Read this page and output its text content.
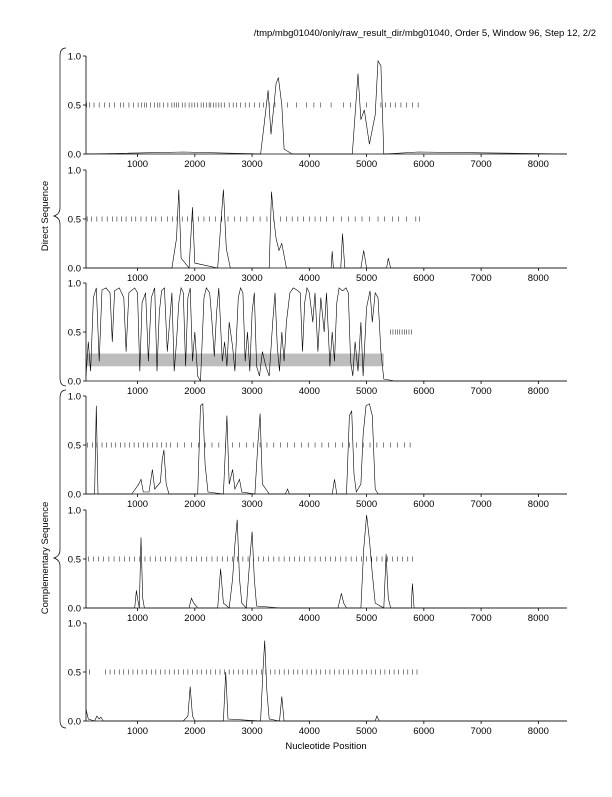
/tmp/mbg01040/only/raw_result_dir/mbg01040, Order 5, Window 96, Step 12, 2/2
0.0
0.5
1.0
1000	2000	3000	4000	5000	6000	7000	8000
0.0
0.5
1.0
1000	2000	3000	4000	5000	6000	7000	8000
0.0
0.5
1.0
1000	2000	3000	4000	5000	6000	7000	8000
0.0
0.5
1.0
1000	2000	3000	4000	5000	6000	7000	8000
0.0
0.5
1.0
1000	2000	3000	4000	5000	6000	7000	8000
0.0
0.5
1.0
1000	2000	3000	4000	5000	6000	7000	8000
Direct Sequence
Complementary Sequence
Nucleotide Position
